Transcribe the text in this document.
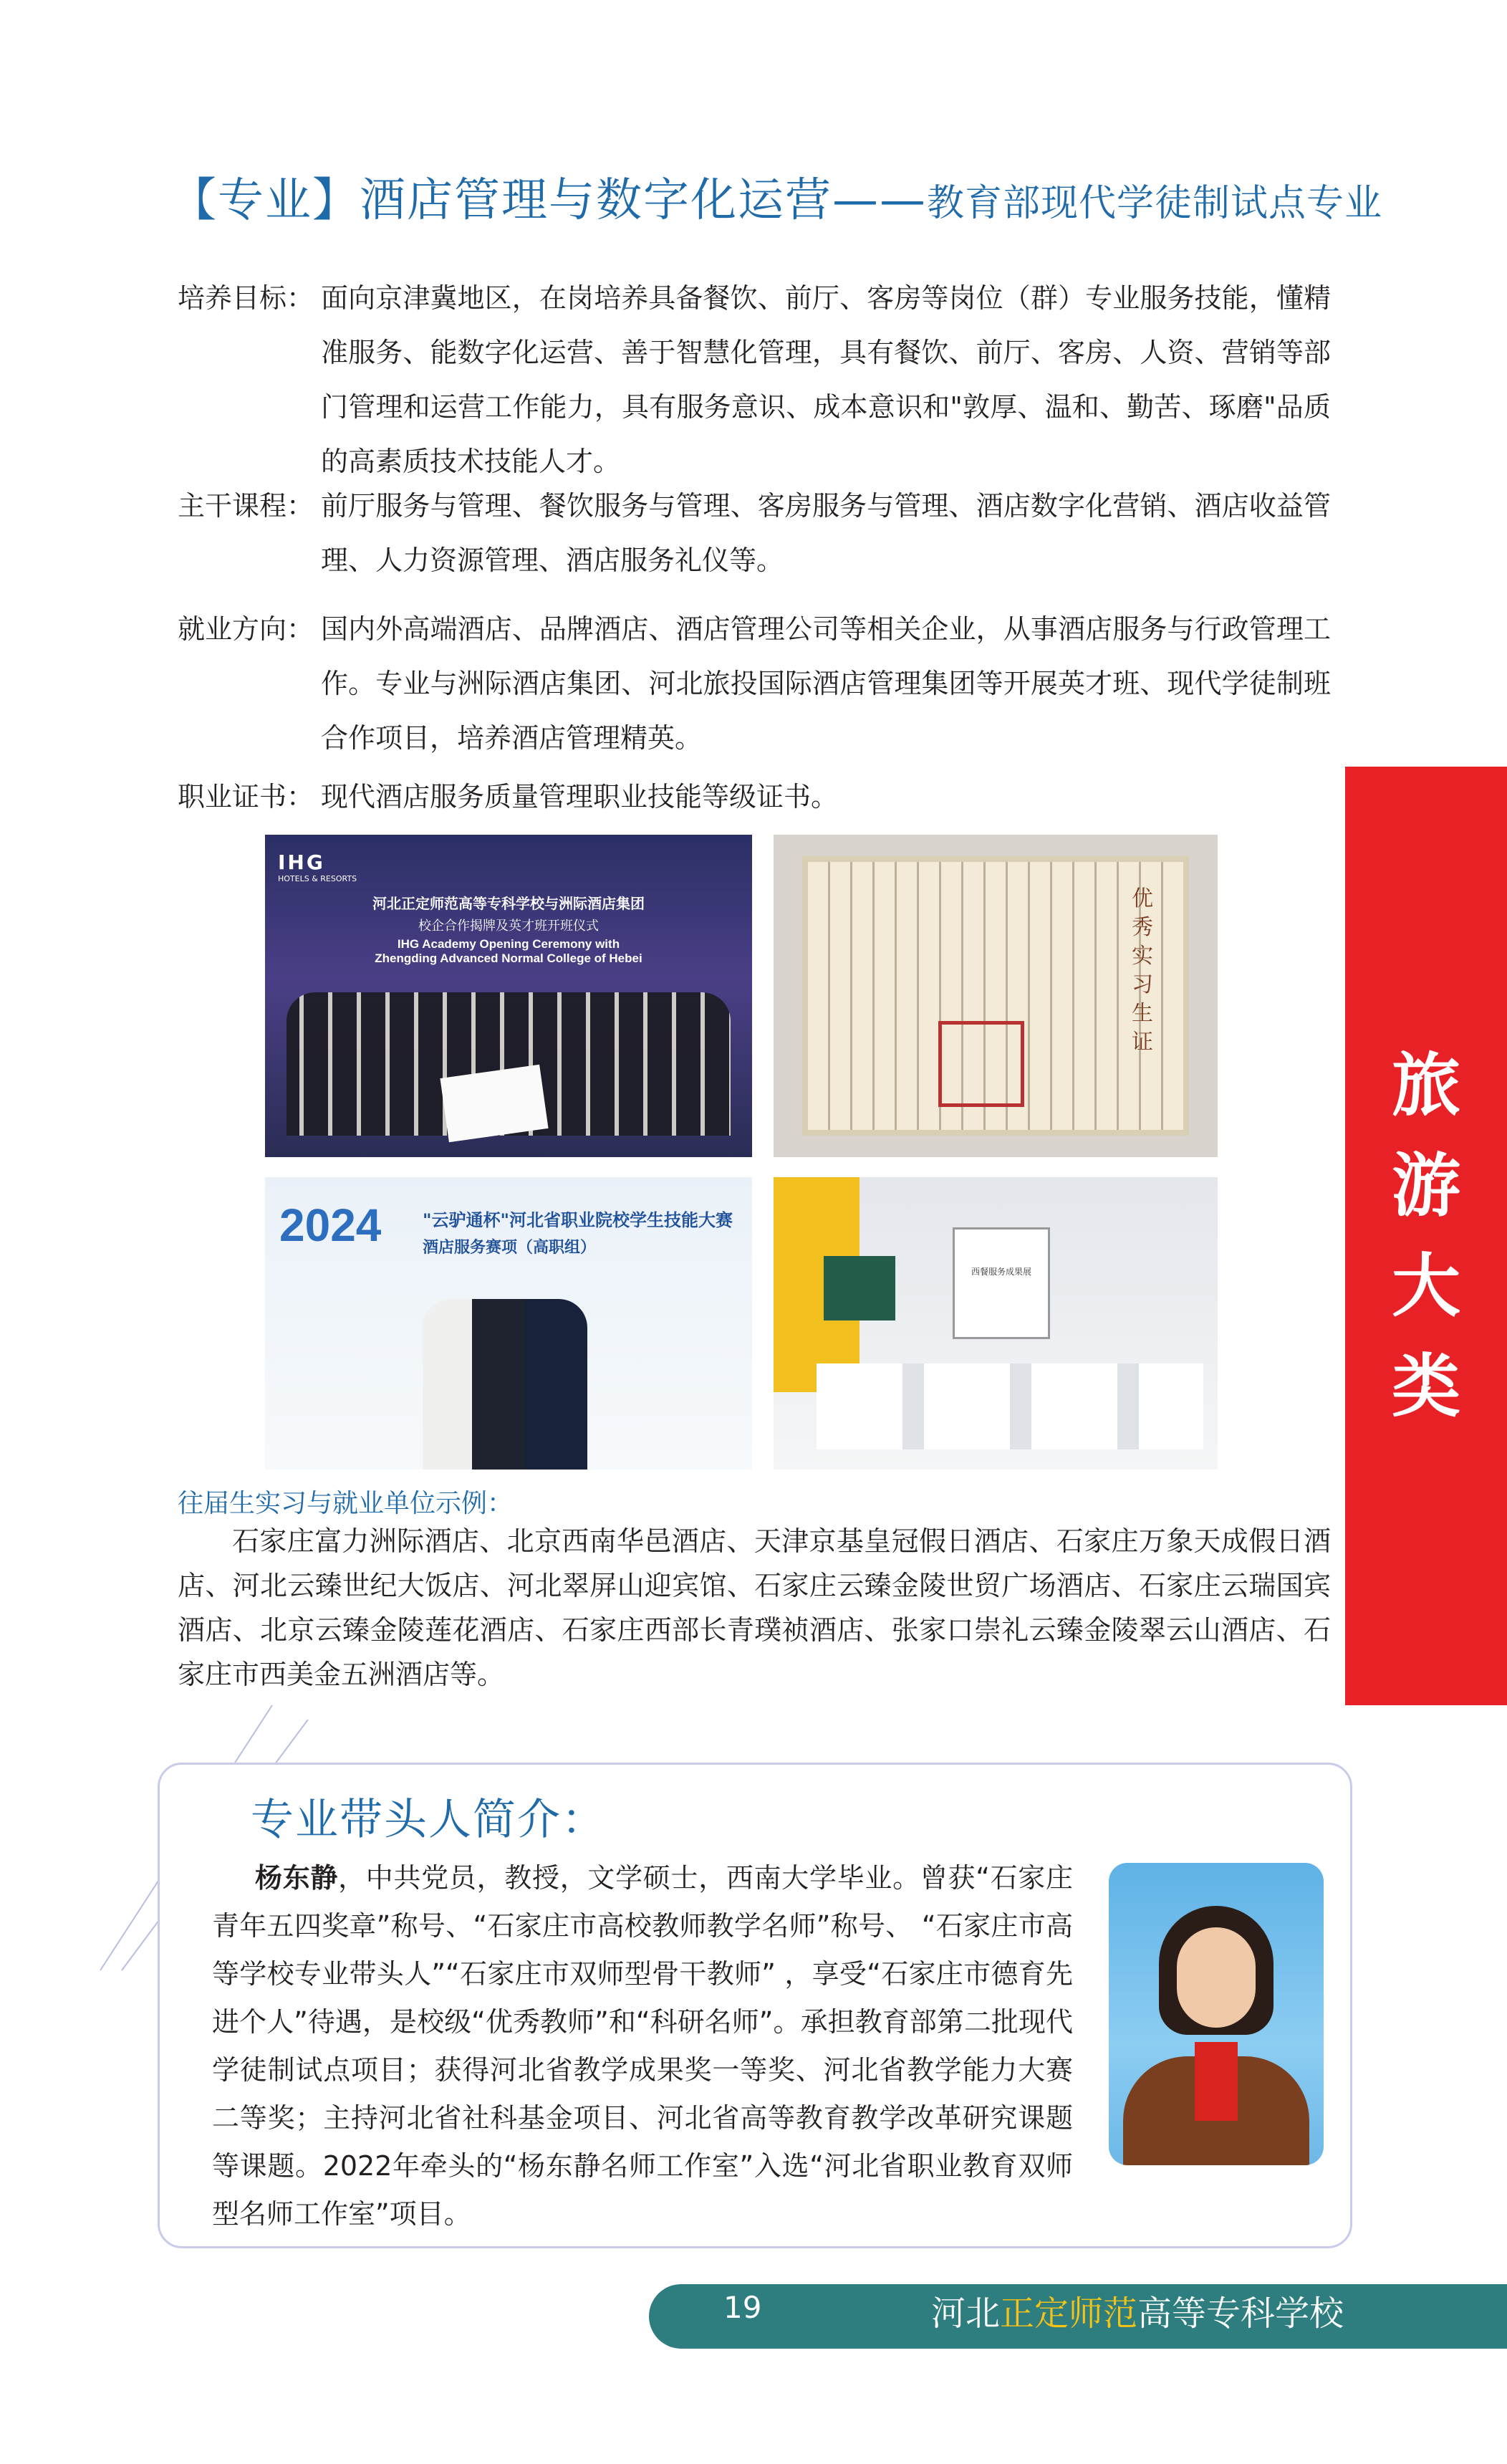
【专业】酒店管理与数字化运营—— 教育部现代学徒制试点专业
培养目标： 面向京津冀地区，在岗培养具备餐饮、前厅、客房等岗位（群）专业服务技能，懂精准服务、能数字化运营、善于智慧化管理，具有餐饮、前厅、客房、人资、营销等部门管理和运营工作能力，具有服务意识、成本意识和"敦厚、温和、勤苦、琢磨"品质的高素质技术技能人才。
主干课程： 前厅服务与管理、餐饮服务与管理、客房服务与管理、酒店数字化营销、酒店收益管理、人力资源管理、酒店服务礼仪等。
就业方向： 国内外高端酒店、品牌酒店、酒店管理公司等相关企业，从事酒店服务与行政管理工作。专业与洲际酒店集团、河北旅投国际酒店管理集团等开展英才班、现代学徒制班合作项目，培养酒店管理精英。
职业证书： 现代酒店服务质量管理职业技能等级证书。
旅
游
大
类
IHG
HOTELS & RESORTS
河北正定师范高等专科学校与洲际酒店集团
校企合作揭牌及英才班开班仪式
IHG Academy Opening Ceremony with
Zhengding Advanced Normal College of Hebei
优秀实习生证
2024 "云驴通杯"河北省职业院校学生技能大赛
酒店服务赛项（高职组）
西餐服务成果展
往届生实习与就业单位示例：
石家庄富力洲际酒店、北京西南华邑酒店、天津京基皇冠假日酒店、石家庄万象天成假日酒店、河北云臻世纪大饭店、河北翠屏山迎宾馆、石家庄云臻金陵世贸广场酒店、石家庄云瑞国宾酒店、北京云臻金陵莲花酒店、石家庄西部长青璞祯酒店、张家口崇礼云臻金陵翠云山酒店、石家庄市西美金五洲酒店等。
专业带头人简介：
杨东静，中共党员，教授，文学硕士，西南大学毕业。曾获“石家庄青年五四奖章”称号、“石家庄市高校教师教学名师”称号、 “石家庄市高等学校专业带头人”“石家庄市双师型骨干教师” ，享受“石家庄市德育先进个人”待遇，是校级“优秀教师”和“科研名师”。承担教育部第二批现代学徒制试点项目；获得河北省教学成果奖一等奖、河北省教学能力大赛二等奖；主持河北省社科基金项目、河北省高等教育教学改革研究课题等课题。2022年牵头的“杨东静名师工作室”入选“河北省职业教育双师型名师工作室”项目。
19	河北正定师范高等专科学校
